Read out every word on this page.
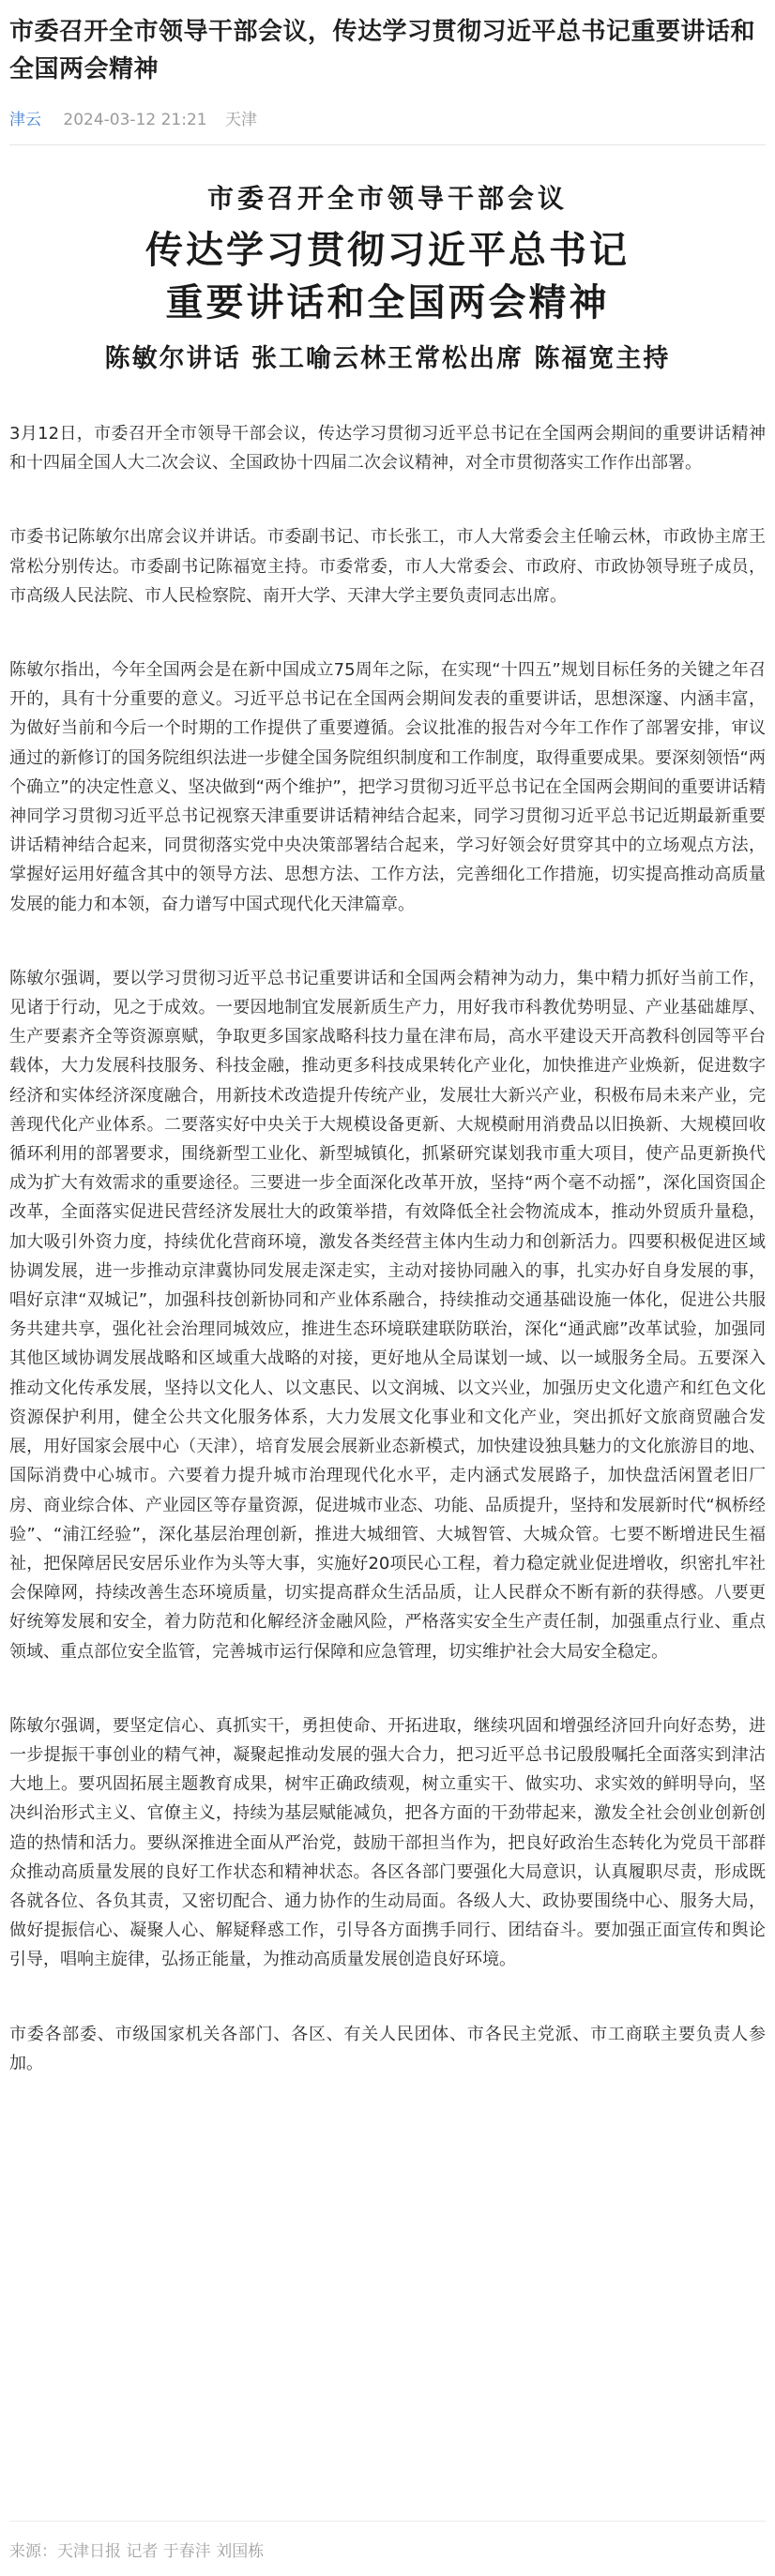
市委召开全市领导干部会议，传达学习贯彻习近平总书记重要讲话和全国两会精神
津云 2024-03-12 21:21 天津
市委召开全市领导干部会议
传达学习贯彻习近平总书记
重要讲话和全国两会精神
陈敏尔讲话 张工喻云林王常松出席 陈福宽主持

3月12日，市委召开全市领导干部会议，传达学习贯彻习近平总书记在全国两会期间的重要讲话精神和十四届全国人大二次会议、全国政协十四届二次会议精神，对全市贯彻落实工作作出部署。

市委书记陈敏尔出席会议并讲话。市委副书记、市长张工，市人大常委会主任喻云林，市政协主席王常松分别传达。市委副书记陈福宽主持。市委常委，市人大常委会、市政府、市政协领导班子成员，市高级人民法院、市人民检察院、南开大学、天津大学主要负责同志出席。

陈敏尔指出，今年全国两会是在新中国成立75周年之际，在实现“十四五”规划目标任务的关键之年召开的，具有十分重要的意义。习近平总书记在全国两会期间发表的重要讲话，思想深邃、内涵丰富，为做好当前和今后一个时期的工作提供了重要遵循。会议批准的报告对今年工作作了部署安排，审议通过的新修订的国务院组织法进一步健全国务院组织制度和工作制度，取得重要成果。要深刻领悟“两个确立”的决定性意义、坚决做到“两个维护”，把学习贯彻习近平总书记在全国两会期间的重要讲话精神同学习贯彻习近平总书记视察天津重要讲话精神结合起来，同学习贯彻习近平总书记近期最新重要讲话精神结合起来，同贯彻落实党中央决策部署结合起来，学习好领会好贯穿其中的立场观点方法，掌握好运用好蕴含其中的领导方法、思想方法、工作方法，完善细化工作措施，切实提高推动高质量发展的能力和本领，奋力谱写中国式现代化天津篇章。

陈敏尔强调，要以学习贯彻习近平总书记重要讲话和全国两会精神为动力，集中精力抓好当前工作，见诸于行动，见之于成效。一要因地制宜发展新质生产力，用好我市科教优势明显、产业基础雄厚、生产要素齐全等资源禀赋，争取更多国家战略科技力量在津布局，高水平建设天开高教科创园等平台载体，大力发展科技服务、科技金融，推动更多科技成果转化产业化，加快推进产业焕新，促进数字经济和实体经济深度融合，用新技术改造提升传统产业，发展壮大新兴产业，积极布局未来产业，完善现代化产业体系。二要落实好中央关于大规模设备更新、大规模耐用消费品以旧换新、大规模回收循环利用的部署要求，围绕新型工业化、新型城镇化，抓紧研究谋划我市重大项目，使产品更新换代成为扩大有效需求的重要途径。三要进一步全面深化改革开放，坚持“两个毫不动摇”，深化国资国企改革，全面落实促进民营经济发展壮大的政策举措，有效降低全社会物流成本，推动外贸质升量稳，加大吸引外资力度，持续优化营商环境，激发各类经营主体内生动力和创新活力。四要积极促进区域协调发展，进一步推动京津冀协同发展走深走实，主动对接协同融入的事，扎实办好自身发展的事，唱好京津“双城记”，加强科技创新协同和产业体系融合，持续推动交通基础设施一体化，促进公共服务共建共享，强化社会治理同城效应，推进生态环境联建联防联治，深化“通武廊”改革试验，加强同其他区域协调发展战略和区域重大战略的对接，更好地从全局谋划一域、以一域服务全局。五要深入推动文化传承发展，坚持以文化人、以文惠民、以文润城、以文兴业，加强历史文化遗产和红色文化资源保护利用，健全公共文化服务体系，大力发展文化事业和文化产业，突出抓好文旅商贸融合发展，用好国家会展中心（天津），培育发展会展新业态新模式，加快建设独具魅力的文化旅游目的地、国际消费中心城市。六要着力提升城市治理现代化水平，走内涵式发展路子，加快盘活闲置老旧厂房、商业综合体、产业园区等存量资源，促进城市业态、功能、品质提升，坚持和发展新时代“枫桥经验”、“浦江经验”，深化基层治理创新，推进大城细管、大城智管、大城众管。七要不断增进民生福祉，把保障居民安居乐业作为头等大事，实施好20项民心工程，着力稳定就业促进增收，织密扎牢社会保障网，持续改善生态环境质量，切实提高群众生活品质，让人民群众不断有新的获得感。八要更好统筹发展和安全，着力防范和化解经济金融风险，严格落实安全生产责任制，加强重点行业、重点领域、重点部位安全监管，完善城市运行保障和应急管理，切实维护社会大局安全稳定。

陈敏尔强调，要坚定信心、真抓实干，勇担使命、开拓进取，继续巩固和增强经济回升向好态势，进一步提振干事创业的精气神，凝聚起推动发展的强大合力，把习近平总书记殷殷嘱托全面落实到津沽大地上。要巩固拓展主题教育成果，树牢正确政绩观，树立重实干、做实功、求实效的鲜明导向，坚决纠治形式主义、官僚主义，持续为基层赋能减负，把各方面的干劲带起来，激发全社会创业创新创造的热情和活力。要纵深推进全面从严治党，鼓励干部担当作为，把良好政治生态转化为党员干部群众推动高质量发展的良好工作状态和精神状态。各区各部门要强化大局意识，认真履职尽责，形成既各就各位、各负其责，又密切配合、通力协作的生动局面。各级人大、政协要围绕中心、服务大局，做好提振信心、凝聚人心、解疑释惑工作，引导各方面携手同行、团结奋斗。要加强正面宣传和舆论引导，唱响主旋律，弘扬正能量，为推动高质量发展创造良好环境。

市委各部委、市级国家机关各部门、各区、有关人民团体、市各民主党派、市工商联主要负责人参加。

来源：天津日报 记者 于春沣 刘国栋
